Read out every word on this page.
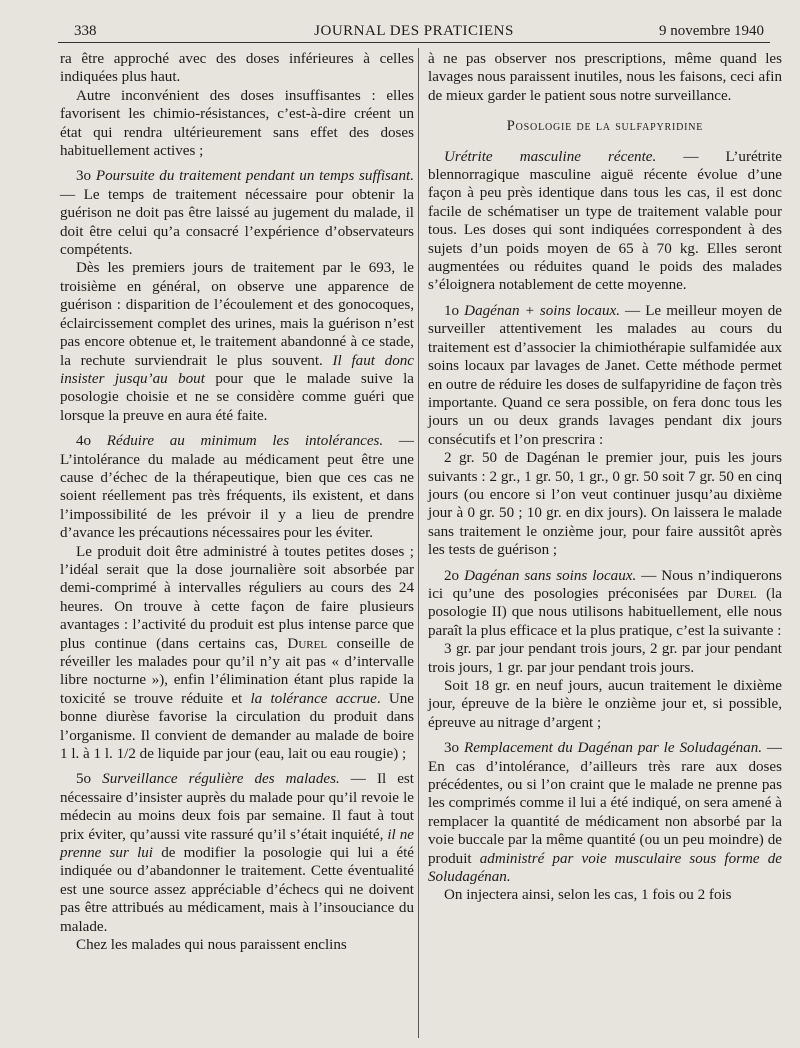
338	JOURNAL DES PRATICIENS	9 novembre 1940

ra être approché avec des doses inférieures à celles indiquées plus haut.

Autre inconvénient des doses insuffisantes : elles favorisent les chimio-résistances, c’est-à-dire créent un état qui rendra ultérieurement sans effet des doses habituellement actives ;

3o Poursuite du traitement pendant un temps suffisant. — Le temps de traitement nécessaire pour obtenir la guérison ne doit pas être laissé au jugement du malade, il doit être celui qu’a consacré l’expérience d’observateurs compétents.

Dès les premiers jours de traitement par le 693, le troisième en général, on observe une apparence de guérison : disparition de l’écoulement et des gonocoques, éclaircissement complet des urines, mais la guérison n’est pas encore obtenue et, le traitement abandonné à ce stade, la rechute surviendrait le plus souvent. Il faut donc insister jusqu’au bout pour que le malade suive la posologie choisie et ne se considère comme guéri que lorsque la preuve en aura été faite.

4o Réduire au minimum les intolérances. — L’intolérance du malade au médicament peut être une cause d’échec de la thérapeutique, bien que ces cas ne soient réellement pas très fréquents, ils existent, et dans l’impossibilité de les prévoir il y a lieu de prendre d’avance les précautions nécessaires pour les éviter.

Le produit doit être administré à toutes petites doses ; l’idéal serait que la dose journalière soit absorbée par demi-comprimé à intervalles réguliers au cours des 24 heures. On trouve à cette façon de faire plusieurs avantages : l’activité du produit est plus intense parce que plus continue (dans certains cas, Durel conseille de réveiller les malades pour qu’il n’y ait pas « d’intervalle libre nocturne »), enfin l’élimination étant plus rapide la toxicité se trouve réduite et la tolérance accrue. Une bonne diurèse favorise la circulation du produit dans l’organisme. Il convient de demander au malade de boire 1 l. à 1 l. 1/2 de liquide par jour (eau, lait ou eau rougie) ;

5o Surveillance régulière des malades. — Il est nécessaire d’insister auprès du malade pour qu’il revoie le médecin au moins deux fois par semaine. Il faut à tout prix éviter, qu’aussi vite rassuré qu’il s’était inquiété, il ne prenne sur lui de modifier la posologie qui lui a été indiquée ou d’abandonner le traitement. Cette éventualité est une source assez appréciable d’échecs qui ne doivent pas être attribués au médicament, mais à l’insouciance du malade.

Chez les malades qui nous paraissent enclins

à ne pas observer nos prescriptions, même quand les lavages nous paraissent inutiles, nous les faisons, ceci afin de mieux garder le patient sous notre surveillance.

Posologie de la sulfapyridine

Urétrite masculine récente. — L’urétrite blennorragique masculine aiguë récente évolue d’une façon à peu près identique dans tous les cas, il est donc facile de schématiser un type de traitement valable pour tous. Les doses qui sont indiquées correspondent à des sujets d’un poids moyen de 65 à 70 kg. Elles seront augmentées ou réduites quand le poids des malades s’éloignera notablement de cette moyenne.

1o Dagénan + soins locaux. — Le meilleur moyen de surveiller attentivement les malades au cours du traitement est d’associer la chimiothérapie sulfamidée aux soins locaux par lavages de Janet. Cette méthode permet en outre de réduire les doses de sulfapyridine de façon très importante. Quand ce sera possible, on fera donc tous les jours un ou deux grands lavages pendant dix jours consécutifs et l’on prescrira :

2 gr. 50 de Dagénan le premier jour, puis les jours suivants : 2 gr., 1 gr. 50, 1 gr., 0 gr. 50 soit 7 gr. 50 en cinq jours (ou encore si l’on veut continuer jusqu’au dixième jour à 0 gr. 50 ; 10 gr. en dix jours). On laissera le malade sans traitement le onzième jour, pour faire aussitôt après les tests de guérison ;

2o Dagénan sans soins locaux. — Nous n’indiquerons ici qu’une des posologies préconisées par Durel (la posologie II) que nous utilisons habituellement, elle nous paraît la plus efficace et la plus pratique, c’est la suivante :

3 gr. par jour pendant trois jours, 2 gr. par jour pendant trois jours, 1 gr. par jour pendant trois jours.

Soit 18 gr. en neuf jours, aucun traitement le dixième jour, épreuve de la bière le onzième jour et, si possible, épreuve au nitrage d’argent ;

3o Remplacement du Dagénan par le Soludagénan. — En cas d’intolérance, d’ailleurs très rare aux doses précédentes, ou si l’on craint que le malade ne prenne pas les comprimés comme il lui a été indiqué, on sera amené à remplacer la quantité de médicament non absorbé par la voie buccale par la même quantité (ou un peu moindre) de produit administré par voie musculaire sous forme de Soludagénan.

On injectera ainsi, selon les cas, 1 fois ou 2 fois
